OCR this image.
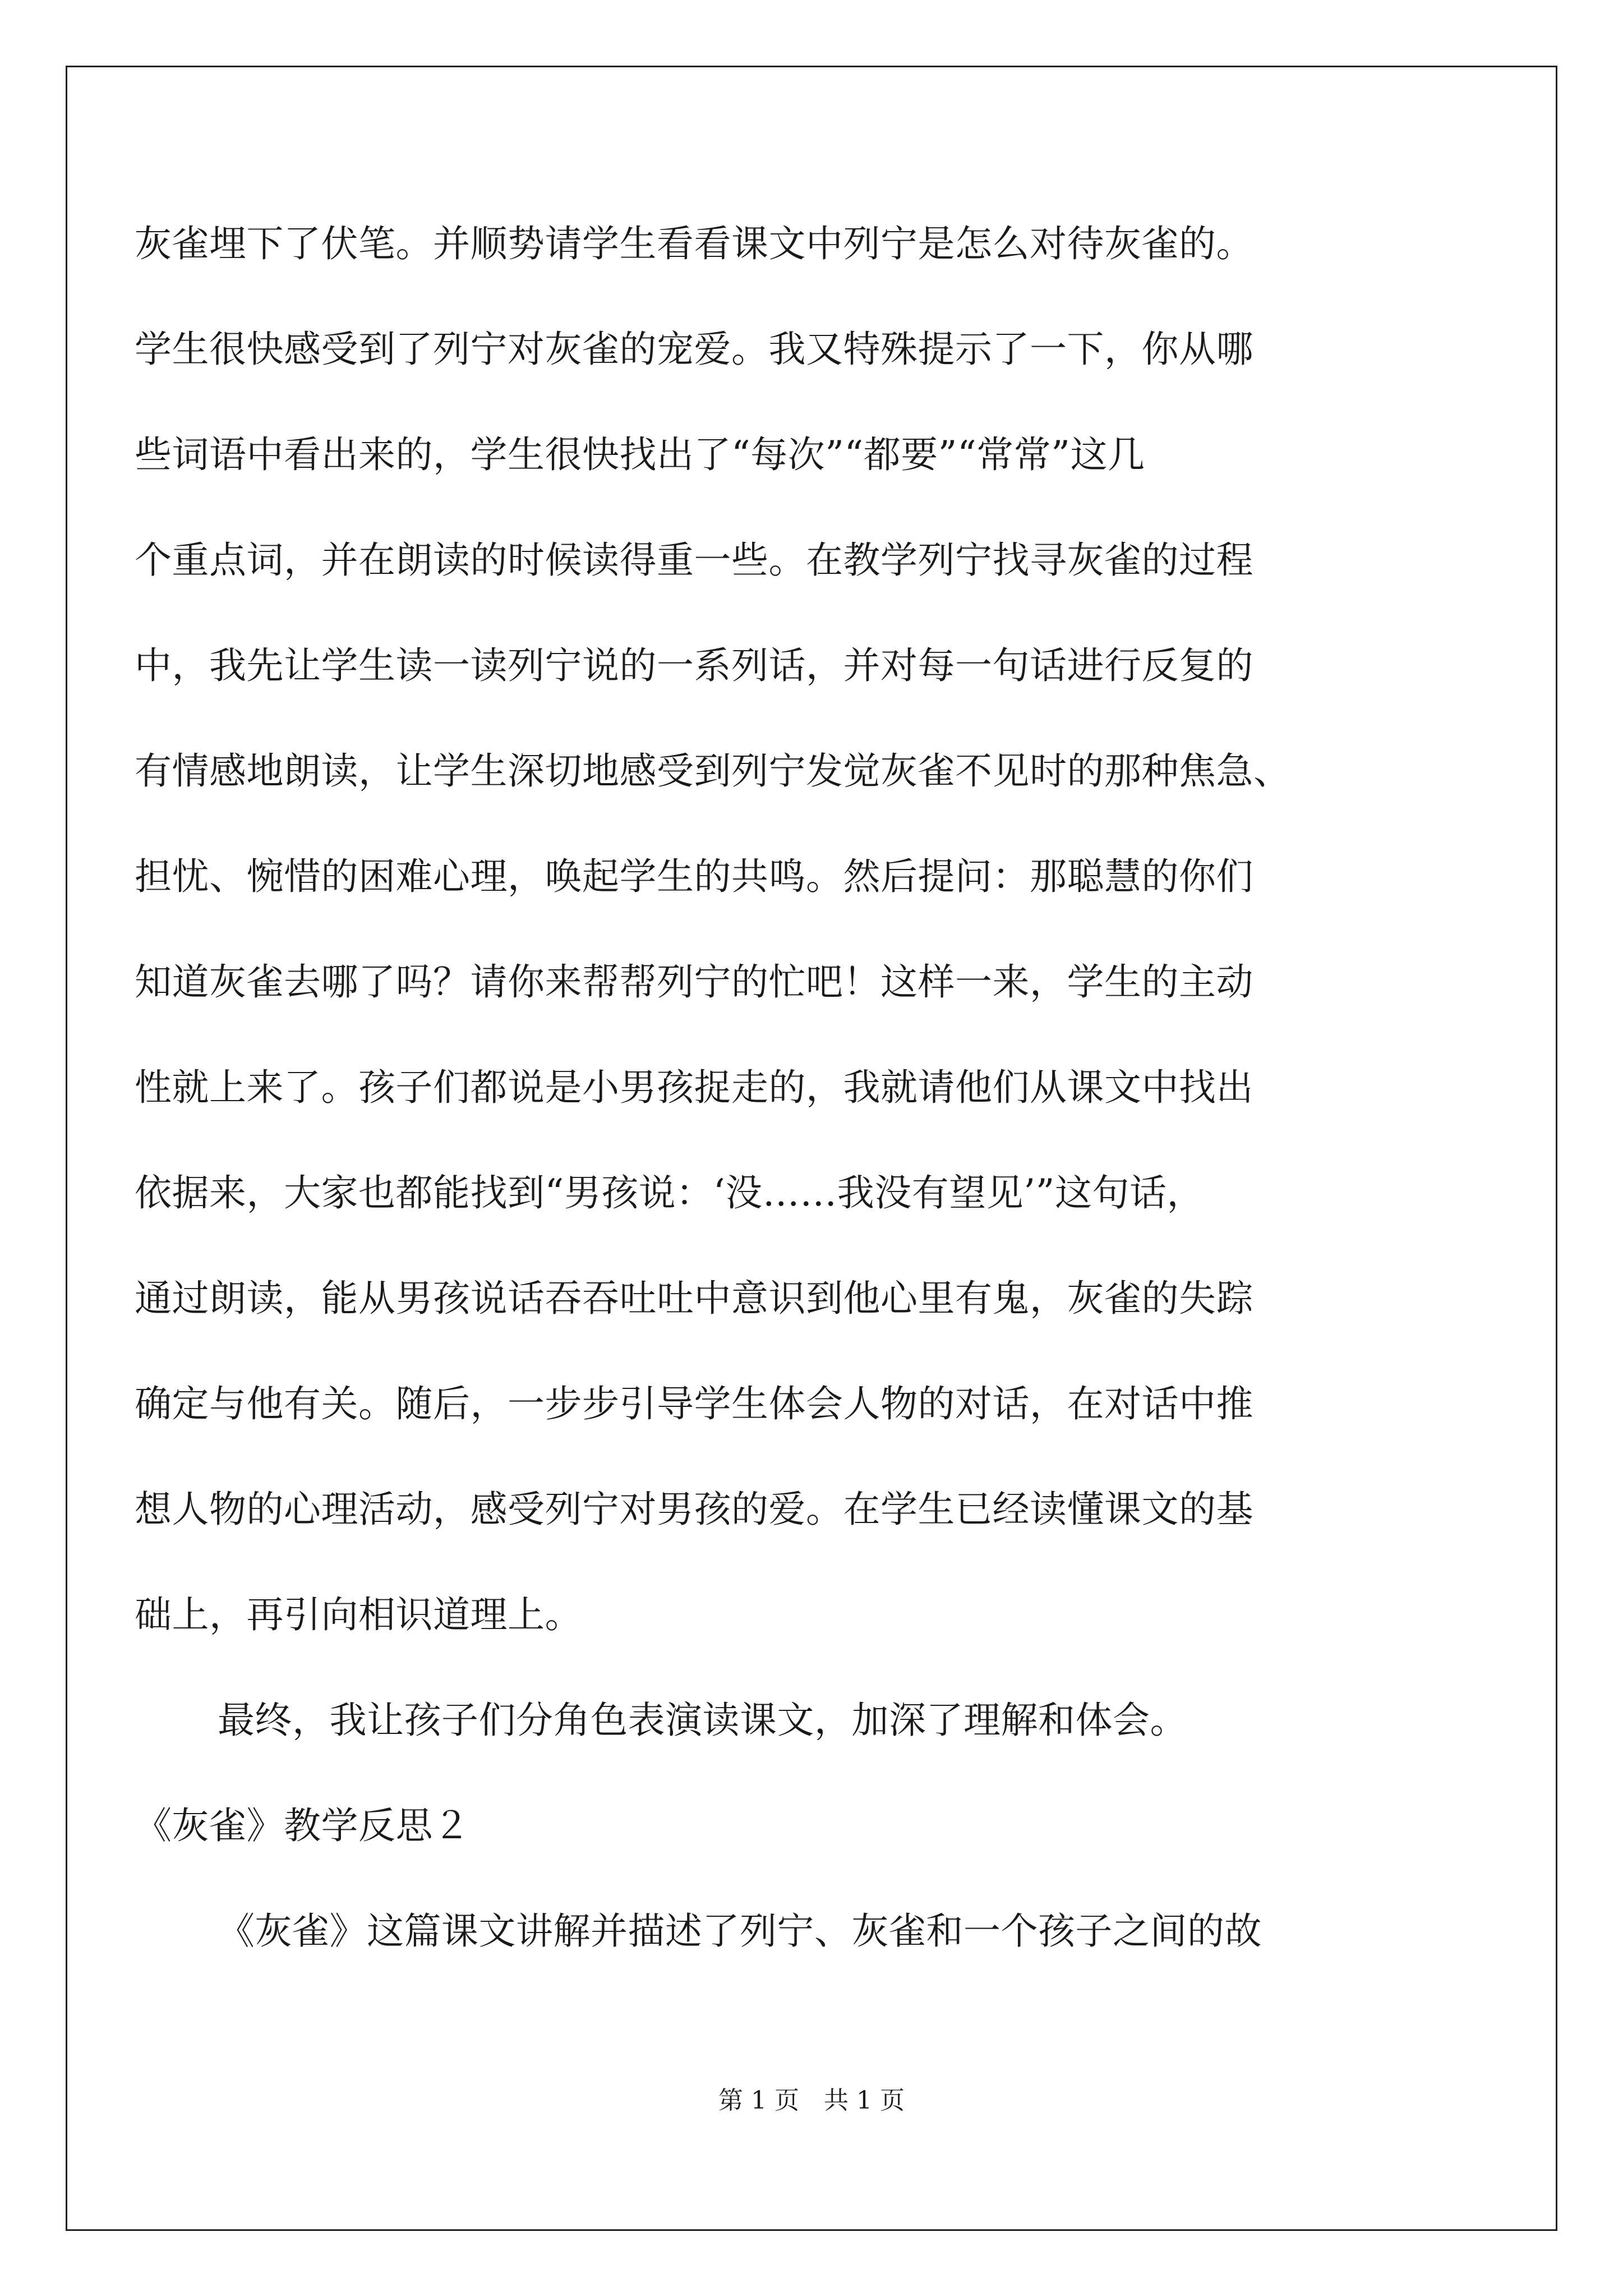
灰雀埋下了伏笔。并顺势请学生看看课文中列宁是怎么对待灰雀的。
学生很快感受到了列宁对灰雀的宠爱。我又特殊提示了一下，你从哪
些词语中看出来的，学生很快找出了“每次”“都要”“常常”这几
个重点词，并在朗读的时候读得重一些。在教学列宁找寻灰雀的过程
中，我先让学生读一读列宁说的一系列话，并对每一句话进行反复的
有情感地朗读，让学生深切地感受到列宁发觉灰雀不见时的那种焦急、
担忧、惋惜的困难心理，唤起学生的共鸣。然后提问：那聪慧的你们
知道灰雀去哪了吗？请你来帮帮列宁的忙吧！这样一来，学生的主动
性就上来了。孩子们都说是小男孩捉走的，我就请他们从课文中找出
依据来，大家也都能找到“男孩说：‘没……我没有望见’”这句话，
通过朗读，能从男孩说话吞吞吐吐中意识到他心里有鬼，灰雀的失踪
确定与他有关。随后，一步步引导学生体会人物的对话，在对话中推
想人物的心理活动，感受列宁对男孩的爱。在学生已经读懂课文的基
础上，再引向相识道理上。
最终，我让孩子们分角色表演读课文，加深了理解和体会。
《灰雀》教学反思２
《灰雀》这篇课文讲解并描述了列宁、灰雀和一个孩子之间的故
第 1 页　共 1 页
